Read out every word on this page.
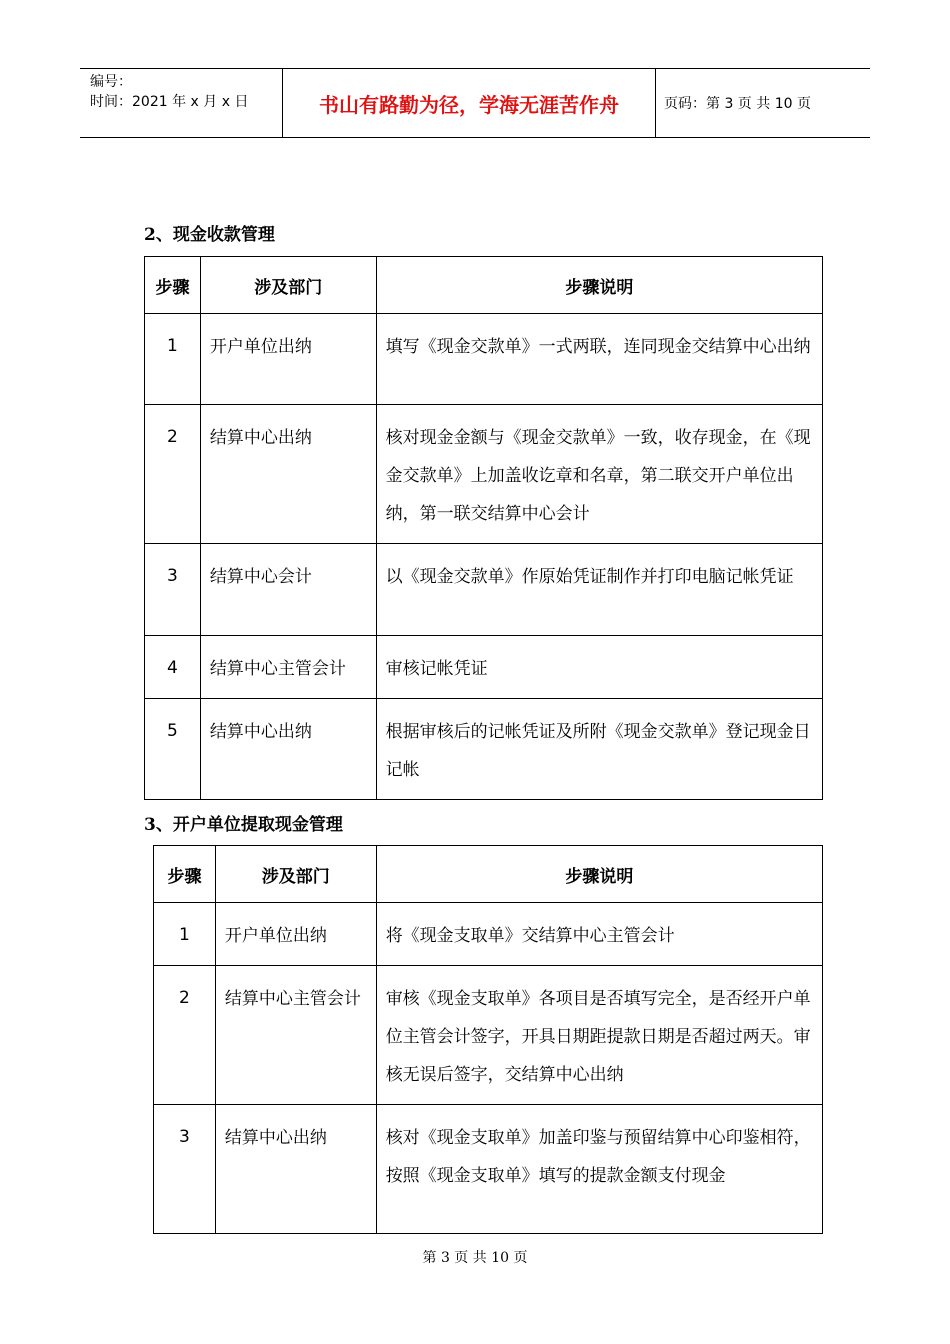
编号：
时间：2021 年 x 月 x 日	书山有路勤为径，学海无涯苦作舟	页码：第 3 页 共 10 页
2、现金收款管理
步骤	涉及部门	步骤说明
1	开户单位出纳	填写《现金交款单》一式两联，连同现金交结算中心出纳
2	结算中心出纳	核对现金金额与《现金交款单》一致，收存现金，在《现金交款单》上加盖收讫章和名章，第二联交开户单位出纳，第一联交结算中心会计
3	结算中心会计	以《现金交款单》作原始凭证制作并打印电脑记帐凭证
4	结算中心主管会计	审核记帐凭证
5	结算中心出纳	根据审核后的记帐凭证及所附《现金交款单》登记现金日记帐
3、开户单位提取现金管理
步骤	涉及部门	步骤说明
1	开户单位出纳	将《现金支取单》交结算中心主管会计
2	结算中心主管会计	审核《现金支取单》各项目是否填写完全，是否经开户单位主管会计签字，开具日期距提款日期是否超过两天。审核无误后签字，交结算中心出纳
3	结算中心出纳	核对《现金支取单》加盖印鉴与预留结算中心印鉴相符，按照《现金支取单》填写的提款金额支付现金
第 3 页 共 10 页
